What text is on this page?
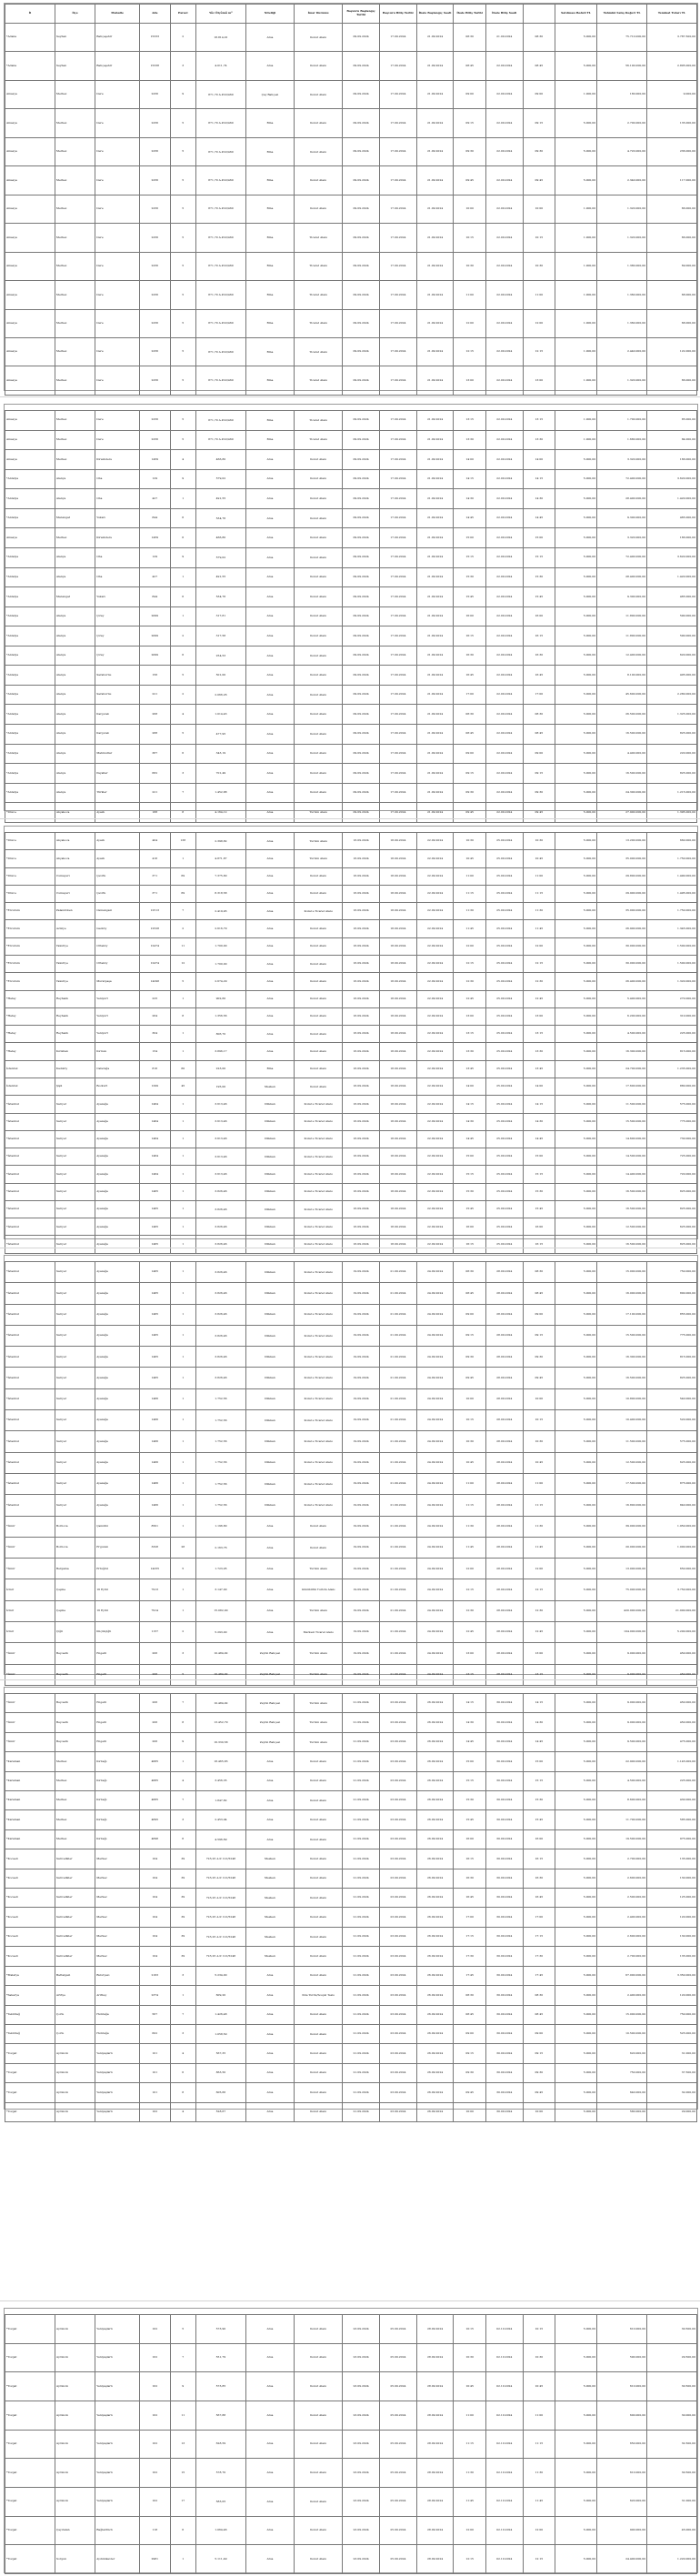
İl	İlçe	Mahalle	Ada	Parsel	Yüz Ölçümü m²	Niteliği	İmar Durumu	Başvuru Başlangıç Tarihi	Başvuru Bitiş Tarihi	İhale Başlangıç Saati	İhale Bitiş Tarihi	İhale Bitiş Saati		Satılması Bedeli TL	Tahmini Satış Değeri TL	Teminat Tutarı TL
*Adana	Seyhan	Bahçeşehir	15333	2	18.814,01	Arsa	Konut Alanı	09.09.2024	17.09.2024	21.09.2024	08:30	21.09.2024	08:30	5.000,00	75.710.000,00	3.787.500,00
*Adana	Seyhan	Bahçeşehir	15338	3	4.011,74	Arsa	Konut Alanı	09.09.2024	17.09.2024	21.09.2024	08:45	22.09.2024	08:45	5.000,00	56.100.000,00	2.805.000,00
Amasya	Merkez	Dere	2256	9	871,70 A.P.22/460	Çay Bahçesi	Konut Alanı	09.09.2024	17.09.2024	21.09.2024	09:00	22.09.2024	09:00	1.000,00	180.000,00	9.000,00
Amasya	Merkez	Dere	2256	5	871,70 A.P.22/460	Bina	Konut Alanı	09.09.2024	17.09.2024	21.09.2024	09:15	22.09.2024	09:15	5.000,00	2.700.000,00	135.000,00
Amasya	Merkez	Dere	2256	5	871,70 A.P.22/460	Bina	Konut Alanı	09.09.2024	17.09.2024	21.09.2024	09:30	22.09.2024	09:30	5.000,00	4.720.000,00	236.000,00
Amasya	Merkez	Dere	2256	5	871,70 A.P.22/460	Bina	Konut Alanı	09.09.2024	17.09.2024	21.09.2024	09:45	22.09.2024	09:45	5.000,00	2.340.000,00	117.000,00
Amasya	Merkez	Dere	2256	5	871,70 A.P.22/460	Bina	Konut Alanı	09.09.2024	17.09.2024	21.09.2024	10:00	22.09.2024	10:00	1.000,00	1.320.000,00	66.000,00
Amasya	Merkez	Dere	2256	5	871,70 A.P.22/460	Bina	Ticaret Alanı	09.09.2024	17.09.2024	21.09.2024	10:15	22.09.2024	10:15	1.000,00	1.320.000,00	66.000,00
Amasya	Merkez	Dere	2256	5	871,70 A.P.22/460	Bina	Ticaret Alanı	09.09.2024	17.09.2024	21.09.2024	10:30	22.09.2024	10:30	1.000,00	1.380.000,00	69.000,00
Amasya	Merkez	Dere	2256	5	871,70 A.P.22/460	Bina	Ticaret Alanı	09.09.2024	17.09.2024	21.09.2024	11:00	22.09.2024	11:00	1.000,00	1.360.000,00	68.000,00
Amasya	Merkez	Dere	2256	5	871,70 A.P.22/460	Bina	Ticaret Alanı	09.09.2024	17.09.2024	21.09.2024	12:00	22.09.2024	12:00	1.000,00	1.360.000,00	68.000,00
Amasya	Merkez	Dere	2256	5	871,70 A.P.22/460	Bina	Ticaret Alanı	09.09.2024	17.09.2024	21.09.2024	12:15	22.09.2024	12:15	1.000,00	2.440.000,00	122.000,00
Amasya	Merkez	Dere	2256	5	871,70 A.P.22/460	Bina	Ticaret Alanı	09.09.2024	17.09.2024	21.09.2024	13:00	22.09.2024	13:00	1.000,00	1.320.000,00	66.000,00
Amasya	Merkez	Dere	2256	5	871,70 A.P.22/460	Bina	Ticaret Alanı	09.09.2024	17.09.2024	21.09.2024	13:15	22.09.2024	13:15	1.000,00	1.700.000,00	85.000,00
Amasya	Merkez	Dere	2256	5	871,70 A.P.22/460	Bina	Ticaret Alanı	09.09.2024	17.09.2024	21.09.2024	13:30	22.09.2024	13:30	1.000,00	1.680.000,00	84.000,00
Amasya	Merkez	Kirazlıdere	1459	4	466,80	Arsa	Konut Alanı	09.09.2024	17.09.2024	21.09.2024	14:00	22.09.2024	14:00	5.000,00	3.320.000,00	166.000,00
*Antalya	Alanya	Oba	129	9	579,02	Arsa	Konut Alanı	09.09.2024	17.09.2024	21.09.2024	14:15	22.09.2024	14:15	5.000,00	72.400.000,00	3.620.000,00
*Antalya	Alanya	Oba	427	1	491,55	Arsa	Konut Alanı	09.09.2024	17.09.2024	21.09.2024	14:30	22.09.2024	14:30	5.000,00	28.400.000,00	1.420.000,00
*Antalya	Manavgat	Yukarı	844	6	534,76	Arsa	Konut Alanı	09.09.2024	17.09.2024	21.09.2024	14:45	22.09.2024	14:45	5.000,00	9.300.000,00	465.000,00
Amasya	Merkez	Kirazlıdere	1459	6	466,80	Arsa	Konut Alanı	09.09.2024	17.09.2024	21.09.2024	15:00	22.09.2024	15:00	5.000,00	3.320.000,00	166.000,00
*Antalya	Alanya	Oba	129	9	579,02	Arsa	Konut Alanı	09.09.2024	17.09.2024	21.09.2024	15:15	22.09.2024	15:15	5.000,00	72.400.000,00	3.620.000,00
*Antalya	Alanya	Oba	427	1	491,55	Arsa	Konut Alanı	09.09.2024	17.09.2024	21.09.2024	15:30	22.09.2024	15:30	5.000,00	28.400.000,00	1.420.000,00
*Antalya	Manavgat	Yukarı	844	6	534,76	Arsa	Konut Alanı	09.09.2024	17.09.2024	21.09.2024	15:45	22.09.2024	15:45	5.000,00	9.300.000,00	465.000,00
*Antalya	Alanya	Çıray	2099	1	317,81	Arsa	Konut Alanı	09.09.2024	17.09.2024	21.09.2024	16:00	22.09.2024	16:00	5.000,00	11.800.000,00	590.000,00
*Antalya	Alanya	Çıray	2099	2	317,58	Arsa	Konut Alanı	09.09.2024	17.09.2024	21.09.2024	16:15	22.09.2024	16:15	5.000,00	11.800.000,00	590.000,00
*Antalya	Alanya	Çıray	2099	6	254,53	Arsa	Konut Alanı	09.09.2024	17.09.2024	21.09.2024	16:30	22.09.2024	16:30	5.000,00	12.400.000,00	620.000,00
*Antalya	Alanya	Saraburnu	156	5	501,00	Arsa	Konut Alanı	09.09.2024	17.09.2024	21.09.2024	16:45	22.09.2024	16:45	5.000,00	8.100.000,00	405.000,00
*Antalya	Alanya	Saraburnu	221	2	2.066,26	Arsa	Konut Alanı	09.09.2024	17.09.2024	21.09.2024	17:00	22.09.2024	17:00	5.000,00	45.600.000,00	2.280.000,00
*Antalya	Alanya	Kargıcak	268	4	1.014,43	Arsa	Konut Alanı	09.09.2024	17.09.2024	21.09.2024	08:30	22.09.2024	08:30	5.000,00	26.500.000,00	1.325.000,00
*Antalya	Alanya	Kargıcak	288	5	477,95	Arsa	Konut Alanı	09.09.2024	17.09.2024	21.09.2024	08:45	22.09.2024	08:45	5.000,00	16.500.000,00	825.000,00
*Antalya	Alanya	Mahmutlar	387	6	343,19	Arsa	Konut Alanı	09.09.2024	17.09.2024	21.09.2024	09:00	22.09.2024	09:00	5.000,00	4.400.000,00	220.000,00
*Antalya	Alanya	Payallar	682	3	701,49	Arsa	Konut Alanı	09.09.2024	17.09.2024	21.09.2024	09:15	22.09.2024	09:15	5.000,00	16.500.000,00	825.000,00
*Antalya	Alanya	Türkler	221	7	1.452,88	Arsa	Konut Alanı	09.09.2024	17.09.2024	21.09.2024	09:30	22.09.2024	09:30	5.000,00	24.300.000,00	1.215.000,00
*Düzce	Akçakoca	Ayazlı	188	8	4.164,12	Arsa	Turizm Alanı	09.09.2024	17.09.2024	21.09.2024	09:45	22.09.2024	09:45	5.000,00	27.900.000,00	1.395.000,00
*Düzce	Akçakoca	Ayazlı	404	138	2.398,82	Arsa	Turizm Alanı	16.09.2024	18.09.2024	22.09.2024	10:30	25.09.2024	10:30	5.000,00	13.200.000,00	660.000,00
*Düzce	Akçakoca	Ayazlı	416	1	4.871,87	Arsa	Turizm Alanı	16.09.2024	18.09.2024	22.09.2024	10:45	25.09.2024	10:45	5.000,00	35.000.000,00	1.750.000,00
*Düzce	Cumayeri	Çevrik	371	69	7.375,80	Arsa	Konut Alanı	16.09.2024	18.09.2024	22.09.2024	11:00	25.09.2024	11:00	5.000,00	29.800.000,00	1.490.000,00
*Düzce	Cumayeri	Çevrik	371	69	8.318,58	Arsa	Konut Alanı	16.09.2024	18.09.2024	22.09.2024	11:15	25.09.2024	11:15	5.000,00	29.900.000,00	1.495.000,00
*Erzurum	Palandöken	Osmangazi	12513	7	2.419,93	Arsa	Konut+Ticaret Alanı	16.09.2024	18.09.2024	22.09.2024	11:30	25.09.2024	11:30	5.000,00	35.000.000,00	1.750.000,00
*Erzurum	Aziziye	Gezköy	12528	2	2.616,79	Arsa	Konut Alanı	16.09.2024	18.09.2024	22.09.2024	11:45	25.09.2024	11:45	5.000,00	26.900.000,00	1.345.000,00
*Erzurum	Yakutiye	Ortaköy	12474	11	1.700,00	Arsa	Konut Alanı	16.09.2024	18.09.2024	22.09.2024	12:00	25.09.2024	12:00	5.000,00	30.000.000,00	1.500.000,00
*Erzurum	Yakutiye	Ortaköy	12474	12	1.700,00	Arsa	Konut Alanı	16.09.2024	18.09.2024	22.09.2024	12:15	25.09.2024	12:15	5.000,00	30.000.000,00	1.500.000,00
*Erzurum	Yakutiye	Muratpaşa	14298	5	2.674,29	Arsa	Konut Alanı	16.09.2024	18.09.2024	22.09.2024	12:30	25.09.2024	12:30	5.000,00	26.400.000,00	1.320.000,00
*Hatay	Reyhanlı	Yeniyurt	225	1	902,60	Arsa	Konut Alanı	16.09.2024	18.09.2024	22.09.2024	12:45	25.09.2024	12:45	5.000,00	5.400.000,00	270.000,00
*Hatay	Reyhanlı	Yeniyurt	264	8	1.356,56	Arsa	Konut Alanı	16.09.2024	18.09.2024	22.09.2024	13:00	25.09.2024	13:00	5.000,00	6.200.000,00	310.000,00
*Hatay	Reyhanlı	Yeniyurt	304	1	806,70	Arsa	Konut Alanı	16.09.2024	18.09.2024	22.09.2024	13:15	25.09.2024	13:15	5.000,00	4.500.000,00	225.000,00
*Hatay	Kırıkhan	Kırmızı	154	1	3.896,17	Arsa	Konut Alanı	16.09.2024	18.09.2024	22.09.2024	13:30	25.09.2024	13:30	5.000,00	16.300.000,00	815.000,00
İstanbul	Kadıköy	Caferağa	816	60	223,00	Bina	Konut Alanı	16.09.2024	18.09.2024	22.09.2024	13:45	25.09.2024	13:45	5.000,00	24.700.000,00	1.235.000,00
İstanbul	Şişli	Bozkurt	1299	45	195,00	Mesken	Konut Alanı	16.09.2024	18.09.2024	22.09.2024	14:00	25.09.2024	14:00	5.000,00	17.600.000,00	880.000,00
*İstanbul	Sarıyer	Ayazağa	1464	1	3.613,46	Dükkan	Konut+Ticaret Alanı	16.09.2024	18.09.2024	22.09.2024	14:15	25.09.2024	14:15	5.000,00	11.500.000,00	575.000,00
*İstanbul	Sarıyer	Ayazağa	1464	1	3.613,46	Dükkan	Konut+Ticaret Alanı	16.09.2024	18.09.2024	22.09.2024	14:30	25.09.2024	14:30	5.000,00	15.500.000,00	775.000,00
*İstanbul	Sarıyer	Ayazağa	1464	1	3.613,46	Dükkan	Konut+Ticaret Alanı	16.09.2024	18.09.2024	22.09.2024	14:45	25.09.2024	14:45	5.000,00	14.600.000,00	730.000,00
*İstanbul	Sarıyer	Ayazağa	1464	1	3.613,46	Dükkan	Konut+Ticaret Alanı	16.09.2024	18.09.2024	22.09.2024	15:00	25.09.2024	15:00	5.000,00	14.500.000,00	725.000,00
*İstanbul	Sarıyer	Ayazağa	1464	1	3.613,46	Dükkan	Konut+Ticaret Alanı	16.09.2024	18.09.2024	22.09.2024	15:15	25.09.2024	15:15	5.000,00	14.400.000,00	720.000,00
*İstanbul	Sarıyer	Ayazağa	1465	1	3.826,46	Dükkan	Konut+Ticaret Alanı	16.09.2024	18.09.2024	22.09.2024	15:30	25.09.2024	15:30	5.000,00	16.500.000,00	825.000,00
*İstanbul	Sarıyer	Ayazağa	1465	1	3.826,46	Dükkan	Konut+Ticaret Alanı	16.09.2024	18.09.2024	22.09.2024	15:45	25.09.2024	15:45	5.000,00	16.500.000,00	825.000,00
*İstanbul	Sarıyer	Ayazağa	1465	1	3.826,46	Dükkan	Konut+Ticaret Alanı	16.09.2024	18.09.2024	22.09.2024	16:00	25.09.2024	16:00	5.000,00	12.500.000,00	625.000,00
*İstanbul	Sarıyer	Ayazağa	1465	1	3.826,46	Dükkan	Konut+Ticaret Alanı	16.09.2024	18.09.2024	22.09.2024	16:15	25.09.2024	16:15	5.000,00	16.500.000,00	825.000,00
*İstanbul	Sarıyer	Ayazağa	1465	1	3.826,46	Dükkan	Konut+Ticaret Alanı	19.09.2024	21.09.2024	24.09.2024	08:30	28.09.2024	08:30	5.000,00	15.000.000,00	750.000,00
*İstanbul	Sarıyer	Ayazağa	1465	1	3.826,46	Dükkan	Konut+Ticaret Alanı	19.09.2024	21.09.2024	24.09.2024	08:45	28.09.2024	08:45	5.000,00	16.000.000,00	800.000,00
*İstanbul	Sarıyer	Ayazağa	1465	1	3.826,46	Dükkan	Konut+Ticaret Alanı	19.09.2024	21.09.2024	24.09.2024	09:00	28.09.2024	09:00	5.000,00	17.100.000,00	855.000,00
*İstanbul	Sarıyer	Ayazağa	1465	1	3.826,46	Dükkan	Konut+Ticaret Alanı	19.09.2024	21.09.2024	24.09.2024	09:15	28.09.2024	09:15	5.000,00	15.500.000,00	775.000,00
*İstanbul	Sarıyer	Ayazağa	1465	1	3.826,46	Dükkan	Konut+Ticaret Alanı	19.09.2024	21.09.2024	24.09.2024	09:30	28.09.2024	09:30	5.000,00	16.300.000,00	815.000,00
*İstanbul	Sarıyer	Ayazağa	1465	1	3.826,46	Dükkan	Konut+Ticaret Alanı	19.09.2024	21.09.2024	24.09.2024	09:45	28.09.2024	09:45	5.000,00	16.500.000,00	825.000,00
*İstanbul	Sarıyer	Ayazağa	1466	1	1.752,56	Dükkan	Konut+Ticaret Alanı	19.09.2024	21.09.2024	24.09.2024	10:00	28.09.2024	10:00	5.000,00	10.800.000,00	540.000,00
*İstanbul	Sarıyer	Ayazağa	1466	1	1.752,56	Dükkan	Konut+Ticaret Alanı	19.09.2024	21.09.2024	24.09.2024	10:15	28.09.2024	10:15	5.000,00	10.400.000,00	520.000,00
*İstanbul	Sarıyer	Ayazağa	1466	1	1.752,56	Dükkan	Konut+Ticaret Alanı	19.09.2024	21.09.2024	24.09.2024	10:30	28.09.2024	10:30	5.000,00	11.500.000,00	575.000,00
*İstanbul	Sarıyer	Ayazağa	1466	1	1.752,56	Dükkan	Konut+Ticaret Alanı	19.09.2024	21.09.2024	24.09.2024	10:45	28.09.2024	10:45	5.000,00	12.500.000,00	625.000,00
*İstanbul	Sarıyer	Ayazağa	1466	1	1.752,56	Dükkan	Konut+Ticaret Alanı	19.09.2024	21.09.2024	24.09.2024	11:00	28.09.2024	11:00	5.000,00	17.500.000,00	875.000,00
*İstanbul	Sarıyer	Ayazağa	1466	1	1.752,56	Dükkan	Konut+Ticaret Alanı	19.09.2024	21.09.2024	24.09.2024	11:15	28.09.2024	11:15	5.000,00	16.800.000,00	840.000,00
*İzmir	Bornova	Çamdibi	8501	1	1.196,80	Arsa	Konut Alanı	19.09.2024	21.09.2024	24.09.2024	11:30	28.09.2024	11:30	5.000,00	39.000.000,00	1.950.000,00
*İzmir	Bornova	Erguvan	3328	28	2.163,76	Arsa	Konut Alanı	19.09.2024	21.09.2024	24.09.2024	11:45	28.09.2024	11:45	5.000,00	20.000.000,00	1.000.000,00
*İzmir	Bergama	Ertuğrul	14255	5	1.723,05	Arsa	Turizm Alanı	19.09.2024	21.09.2024	24.09.2024	12:00	28.09.2024	12:00	5.000,00	13.000.000,00	650.000,00
İzmir	Çeşme	16 Eylül	7913	1	3.147,00	Arsa	Günübirlik Turizm Alanı	19.09.2024	21.09.2024	24.09.2024	12:15	28.09.2024	12:15	5.000,00	75.000.000,00	3.750.000,00
İzmir	Çeşme	16 Eylül	7914	1	15.082,00	Arsa	Turizm Alanı	19.09.2024	21.09.2024	24.09.2024	12:30	28.09.2024	12:30	5.000,00	420.000.000,00	21.000.000,00
İzmir	Çiğli	Küçükçiğli	1157	2	5.293,00	Arsa	Merkezi Ticaret Alanı	19.09.2024	21.09.2024	24.09.2024	12:45	28.09.2024	12:45	5.000,00	104.000.000,00	5.200.000,00
*İzmir	Beyoadlı	Engelli	206	3	10.484,92	Zeytin Bahçesi	Turizm Alanı	19.09.2024	21.09.2024	24.09.2024	13:00	28.09.2024	13:00	5.000,00	9.000.000,00	450.000,00
*İzmir	Beyoadlı	Engelli	206	5	10.484,92	Zeytin Bahçesi	Turizm Alanı	19.09.2024	21.09.2024	24.09.2024	13:15	28.09.2024	13:15	5.000,00	9.000.000,00	450.000,00
*İzmir	Beyoadlı	Engelli	206	7	10.484,92	Zeytin Bahçesi	Turizm Alanı	21.09.2024	23.09.2024	26.09.2024	14:15	30.09.2024	14:15	5.000,00	9.000.000,00	450.000,00
*İzmir	Beyoadlı	Engelli	206	8	13.452,79	Zeytin Bahçesi	Turizm Alanı	21.09.2024	23.09.2024	26.09.2024	14:30	30.09.2024	14:30	5.000,00	9.000.000,00	450.000,00
*İzmir	Beyoadlı	Engelli	206	9	16.330,58	Zeytin Bahçesi	Turizm Alanı	21.09.2024	23.09.2024	26.09.2024	14:45	30.09.2024	14:45	5.000,00	9.500.000,00	475.000,00
*Karaman	Merkez	Kırbağı	4685	1	18.465,83	Arsa	Konut Alanı	21.09.2024	23.09.2024	26.09.2024	15:00	30.09.2024	15:00	5.000,00	22.900.000,00	1.145.000,00
*Karaman	Merkez	Kırbağı	4685	4	3.456,35	Arsa	Konut Alanı	21.09.2024	23.09.2024	26.09.2024	15:15	30.09.2024	15:15	5.000,00	4.500.000,00	225.000,00
*Karaman	Merkez	Kırbağı	4685	7	1.847,82	Arsa	Konut Alanı	21.09.2024	23.09.2024	26.09.2024	15:30	30.09.2024	15:30	5.000,00	8.600.000,00	430.000,00
*Karaman	Merkez	Kırbağı	4695	3	2.453,04	Arsa	Konut Alanı	21.09.2024	23.09.2024	26.09.2024	15:45	30.09.2024	15:45	5.000,00	11.700.000,00	585.000,00
*Karaman	Merkez	Kırbağı	4698	6	4.596,69	Arsa	Konut Alanı	21.09.2024	23.09.2024	26.09.2024	16:00	30.09.2024	16:00	5.000,00	19.500.000,00	975.000,00
*Kocaeli	Sarıvelikler	Merkez	104	39	723,25 A.P. 121/5248	Mesken	Konut Alanı	21.09.2024	23.09.2024	26.09.2024	16:15	30.09.2024	16:15	5.000,00	2.700.000,00	135.000,00
*Kocaeli	Sarıvelikler	Merkez	104	39	723,25 A.P. 121/5248	Mesken	Konut Alanı	21.09.2024	23.09.2024	26.09.2024	16:30	30.09.2024	16:30	5.000,00	2.600.000,00	130.000,00
*Kocaeli	Sarıvelikler	Merkez	104	39	723,25 A.P. 121/5248	Mesken	Konut Alanı	21.09.2024	23.09.2024	26.09.2024	16:45	30.09.2024	16:45	5.000,00	2.500.000,00	125.000,00
*Kocaeli	Sarıvelikler	Merkez	104	39	723,25 A.P. 121/5248	Mesken	Konut Alanı	21.09.2024	23.09.2024	26.09.2024	17:00	30.09.2024	17:00	5.000,00	2.400.000,00	120.000,00
*Kocaeli	Sarıvelikler	Merkez	104	39	723,25 A.P. 121/5248	Mesken	Konut Alanı	21.09.2024	23.09.2024	26.09.2024	17:15	30.09.2024	17:15	5.000,00	2.600.000,00	130.000,00
*Kocaeli	Sarıvelikler	Merkez	104	39	723,25 A.P. 121/5248	Mesken	Konut Alanı	21.09.2024	23.09.2024	26.09.2024	17:30	30.09.2024	17:30	5.000,00	2.700.000,00	135.000,00
*Malatya	Battalgazi	Bulutyazı	2163	3	5.234,00	Arsa	Konut Alanı	21.09.2024	23.09.2024	26.09.2024	17:45	30.09.2024	17:45	5.000,00	67.000.000,00	3.350.000,00
*Sakarya	Arifiye	Arifbey	2374	1	609,20	Arsa	Kıta Yurdu/Sosyal Tesis	21.09.2024	23.09.2024	26.09.2024	08:30	30.09.2024	08:30	5.000,00	2.400.000,00	120.000,00
*Tekirdağ	Çorlu	Hıdırağa	567	7	1.426,48	Arsa	Konut Alanı	21.09.2024	23.09.2024	26.09.2024	08:45	30.09.2024	08:45	5.000,00	15.000.000,00	750.000,00
*Tekirdağ	Çorlu	Hıdırağa	602	3	1.058,50	Arsa	Konut Alanı	21.09.2024	23.09.2024	26.09.2024	09:00	30.09.2024	09:00	5.000,00	10.500.000,00	525.000,00
*Yozgat	Aydıncık	Yeniyaşlarlı	101	4	567,35	Arsa	Konut Alanı	21.09.2024	23.09.2024	26.09.2024	09:15	30.09.2024	09:15	5.000,00	620.000,00	31.000,00
*Yozgat	Aydıncık	Yeniyaşlarlı	101	6	863,50	Arsa	Konut Alanı	21.09.2024	23.09.2024	26.09.2024	09:30	30.09.2024	09:30	5.000,00	750.000,00	37.500,00
*Yozgat	Aydıncık	Yeniyaşlarlı	101	8	605,66	Arsa	Konut Alanı	21.09.2024	23.09.2024	26.09.2024	09:45	30.09.2024	09:45	5.000,00	640.000,00	32.000,00
*Yozgat	Aydıncık	Yeniyaşlarlı	102	4	528,67	Arsa	Konut Alanı	21.09.2024	23.09.2024	26.09.2024	10:00	30.09.2024	10:00	5.000,00	580.000,00	29.000,00
*Yozgat	Aydıncık	Yeniyaşlarlı	102	5	573,90	Arsa	Konut Alanı	23.09.2024	25.09.2024	28.09.2024	10:15	02.10.2024	10:15	5.000,00	610.000,00	30.500,00
*Yozgat	Aydıncık	Yeniyaşlarlı	102	7	551,79	Arsa	Konut Alanı	23.09.2024	25.09.2024	28.09.2024	10:30	02.10.2024	10:30	5.000,00	590.000,00	29.500,00
*Yozgat	Aydıncık	Yeniyaşlarlı	102	9	573,85	Arsa	Konut Alanı	23.09.2024	25.09.2024	28.09.2024	10:45	02.10.2024	10:45	5.000,00	610.000,00	30.500,00
*Yozgat	Aydıncık	Yeniyaşlarlı	102	11	567,88	Arsa	Konut Alanı	23.09.2024	25.09.2024	28.09.2024	11:00	02.10.2024	11:00	5.000,00	600.000,00	30.000,00
*Yozgat	Aydıncık	Yeniyaşlarlı	102	13	628,59	Arsa	Konut Alanı	23.09.2024	25.09.2024	28.09.2024	11:15	02.10.2024	11:15	5.000,00	650.000,00	32.500,00
*Yozgat	Aydıncık	Yeniyaşlarlı	102	15	578,70	Arsa	Konut Alanı	23.09.2024	25.09.2024	28.09.2024	11:30	02.10.2024	11:30	5.000,00	610.000,00	30.500,00
*Yozgat	Aydıncık	Yeniyaşlarlı	102	17	583,05	Arsa	Konut Alanı	23.09.2024	25.09.2024	28.09.2024	11:45	02.10.2024	11:45	5.000,00	620.000,00	31.000,00
*Yozgat	Çayıralan	Bağlardüzü	118	6	1.064,46	Arsa	Konut Alanı	23.09.2024	25.09.2024	28.09.2024	12:00	02.10.2024	12:00	5.000,00	900.000,00	45.000,00
*Yozgat	Sorgun	Aydınlıkevler	2981	1	5.111,49	Arsa	Konut Alanı	23.09.2024	25.09.2024	28.09.2024	12:15	02.10.2024	12:15	5.000,00	24.400.000,00	1.220.000,00
